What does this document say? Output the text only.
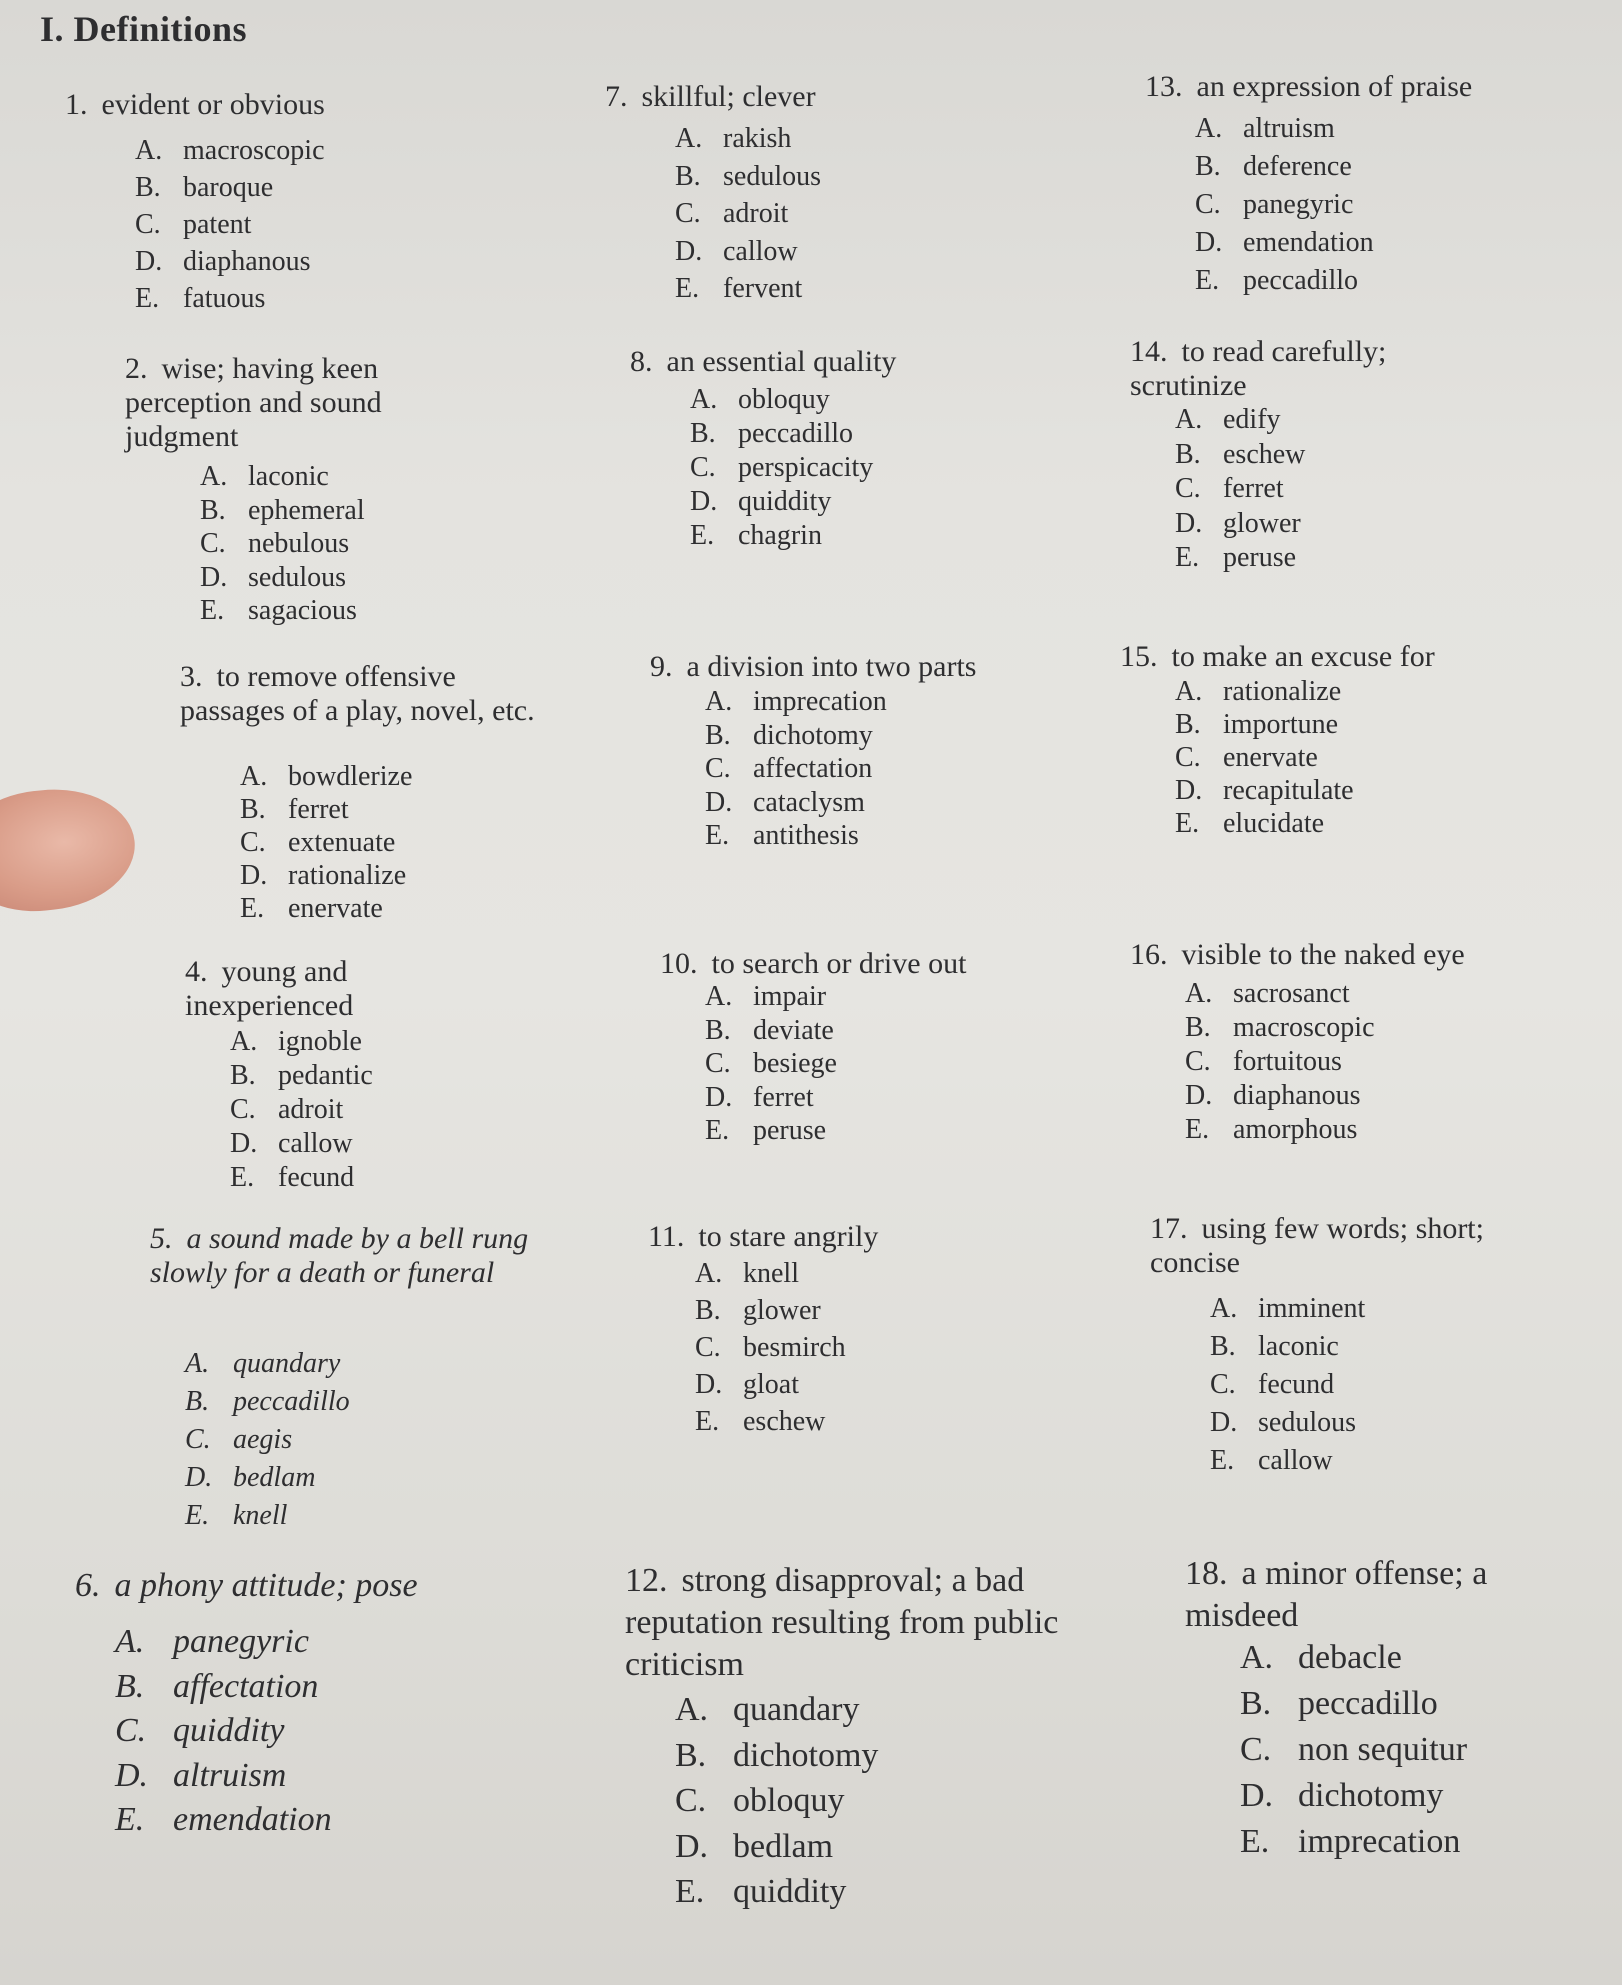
I. Definitions
1. evident or obvious
A. macroscopic
B. baroque
C. patent
D. diaphanous
E. fatuous
2. wise; having keen perception and sound judgment
A. laconic
B. ephemeral
C. nebulous
D. sedulous
E. sagacious
3. to remove offensive passages of a play, novel, etc.
A. bowdlerize
B. ferret
C. extenuate
D. rationalize
E. enervate
4. young and inexperienced
A. ignoble
B. pedantic
C. adroit
D. callow
E. fecund
5. a sound made by a bell rung slowly for a death or funeral
A. quandary
B. peccadillo
C. aegis
D. bedlam
E. knell
6. a phony attitude; pose
A. panegyric
B. affectation
C. quiddity
D. altruism
E. emendation
7. skillful; clever
A. rakish
B. sedulous
C. adroit
D. callow
E. fervent
8. an essential quality
A. obloquy
B. peccadillo
C. perspicacity
D. quiddity
E. chagrin
9. a division into two parts
A. imprecation
B. dichotomy
C. affectation
D. cataclysm
E. antithesis
10. to search or drive out
A. impair
B. deviate
C. besiege
D. ferret
E. peruse
11. to stare angrily
A. knell
B. glower
C. besmirch
D. gloat
E. eschew
12. strong disapproval; a bad reputation resulting from public criticism
A. quandary
B. dichotomy
C. obloquy
D. bedlam
E. quiddity
13. an expression of praise
A. altruism
B. deference
C. panegyric
D. emendation
E. peccadillo
14. to read carefully; scrutinize
A. edify
B. eschew
C. ferret
D. glower
E. peruse
15. to make an excuse for
A. rationalize
B. importune
C. enervate
D. recapitulate
E. elucidate
16. visible to the naked eye
A. sacrosanct
B. macroscopic
C. fortuitous
D. diaphanous
E. amorphous
17. using few words; short; concise
A. imminent
B. laconic
C. fecund
D. sedulous
E. callow
18. a minor offense; a misdeed
A. debacle
B. peccadillo
C. non sequitur
D. dichotomy
E. imprecation
